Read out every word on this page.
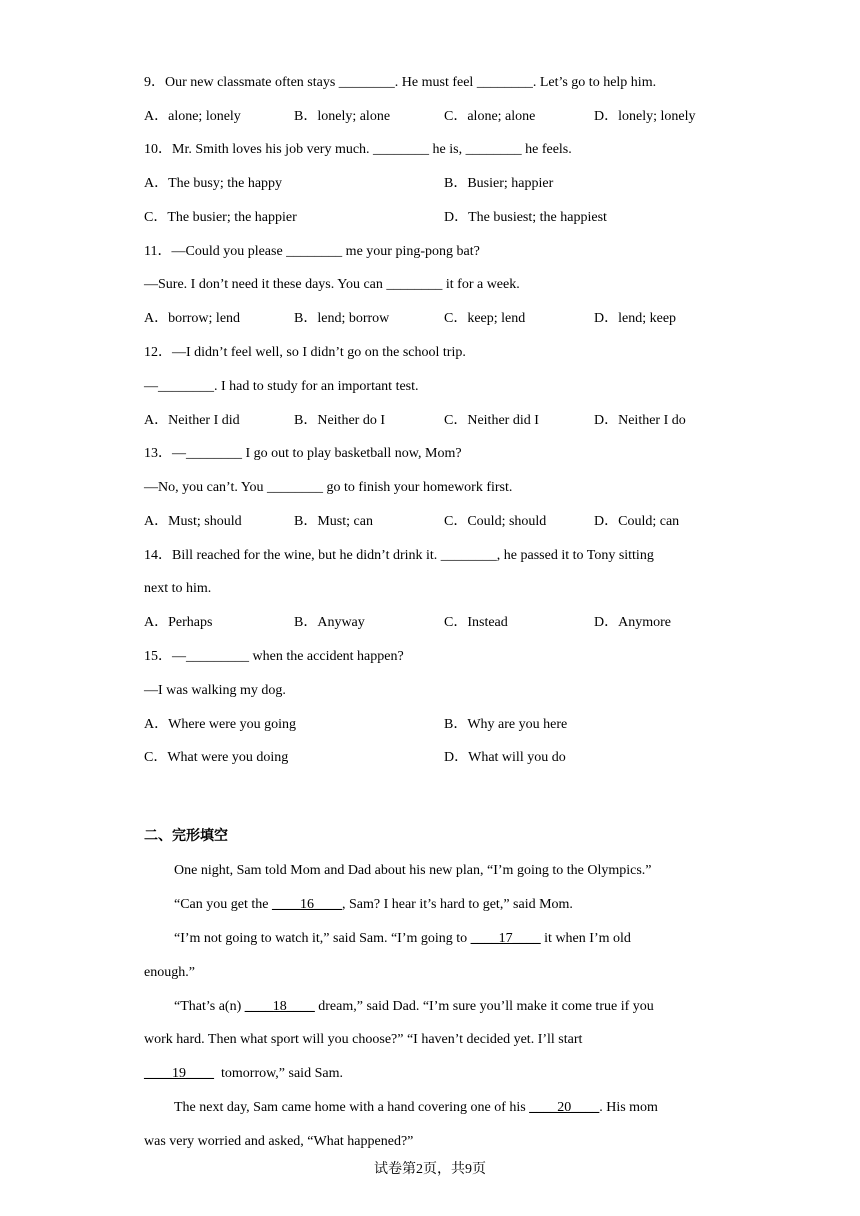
9．Our new classmate often stays ________. He must feel ________. Let’s go to help him.
A．alone; lonely	B．lonely; alone	C．alone; alone	D．lonely; lonely
10．Mr. Smith loves his job very much. ________ he is, ________ he feels.
A．The busy; the happy	B．Busier; happier
C．The busier; the happier	D．The busiest; the happiest
11．—Could you please ________ me your ping-pong bat?
—Sure. I don’t need it these days. You can ________ it for a week.
A．borrow; lend	B．lend; borrow	C．keep; lend	D．lend; keep
12．—I didn’t feel well, so I didn’t go on the school trip.
—________. I had to study for an important test.
A．Neither I did	B．Neither do I	C．Neither did I	D．Neither I do
13．—________ I go out to play basketball now, Mom?
—No, you can’t. You ________ go to finish your homework first.
A．Must; should	B．Must; can	C．Could; should	D．Could; can
14．Bill reached for the wine, but he didn’t drink it. ________, he passed it to Tony sitting
next to him.
A．Perhaps	B．Anyway	C．Instead	D．Anymore
15．—_________ when the accident happen?
—I was walking my dog.
A．Where were you going	B．Why are you here
C．What were you doing	D．What will you do
二、完形填空
One night, Sam told Mom and Dad about his new plan, “I’m going to the Olympics.”
“Can you get the ____16____, Sam? I hear it’s hard to get,” said Mom.
“I’m not going to watch it,” said Sam. “I’m going to ____17____ it when I’m old
enough.”
“That’s a(n) ____18____ dream,” said Dad. “I’m sure you’ll make it come true if you
work hard. Then what sport will you choose?” “I haven’t decided yet. I’ll start
____19____  tomorrow,” said Sam.
The next day, Sam came home with a hand covering one of his ____20____. His mom
was very worried and asked, “What happened?”
试卷第2页，共9页
